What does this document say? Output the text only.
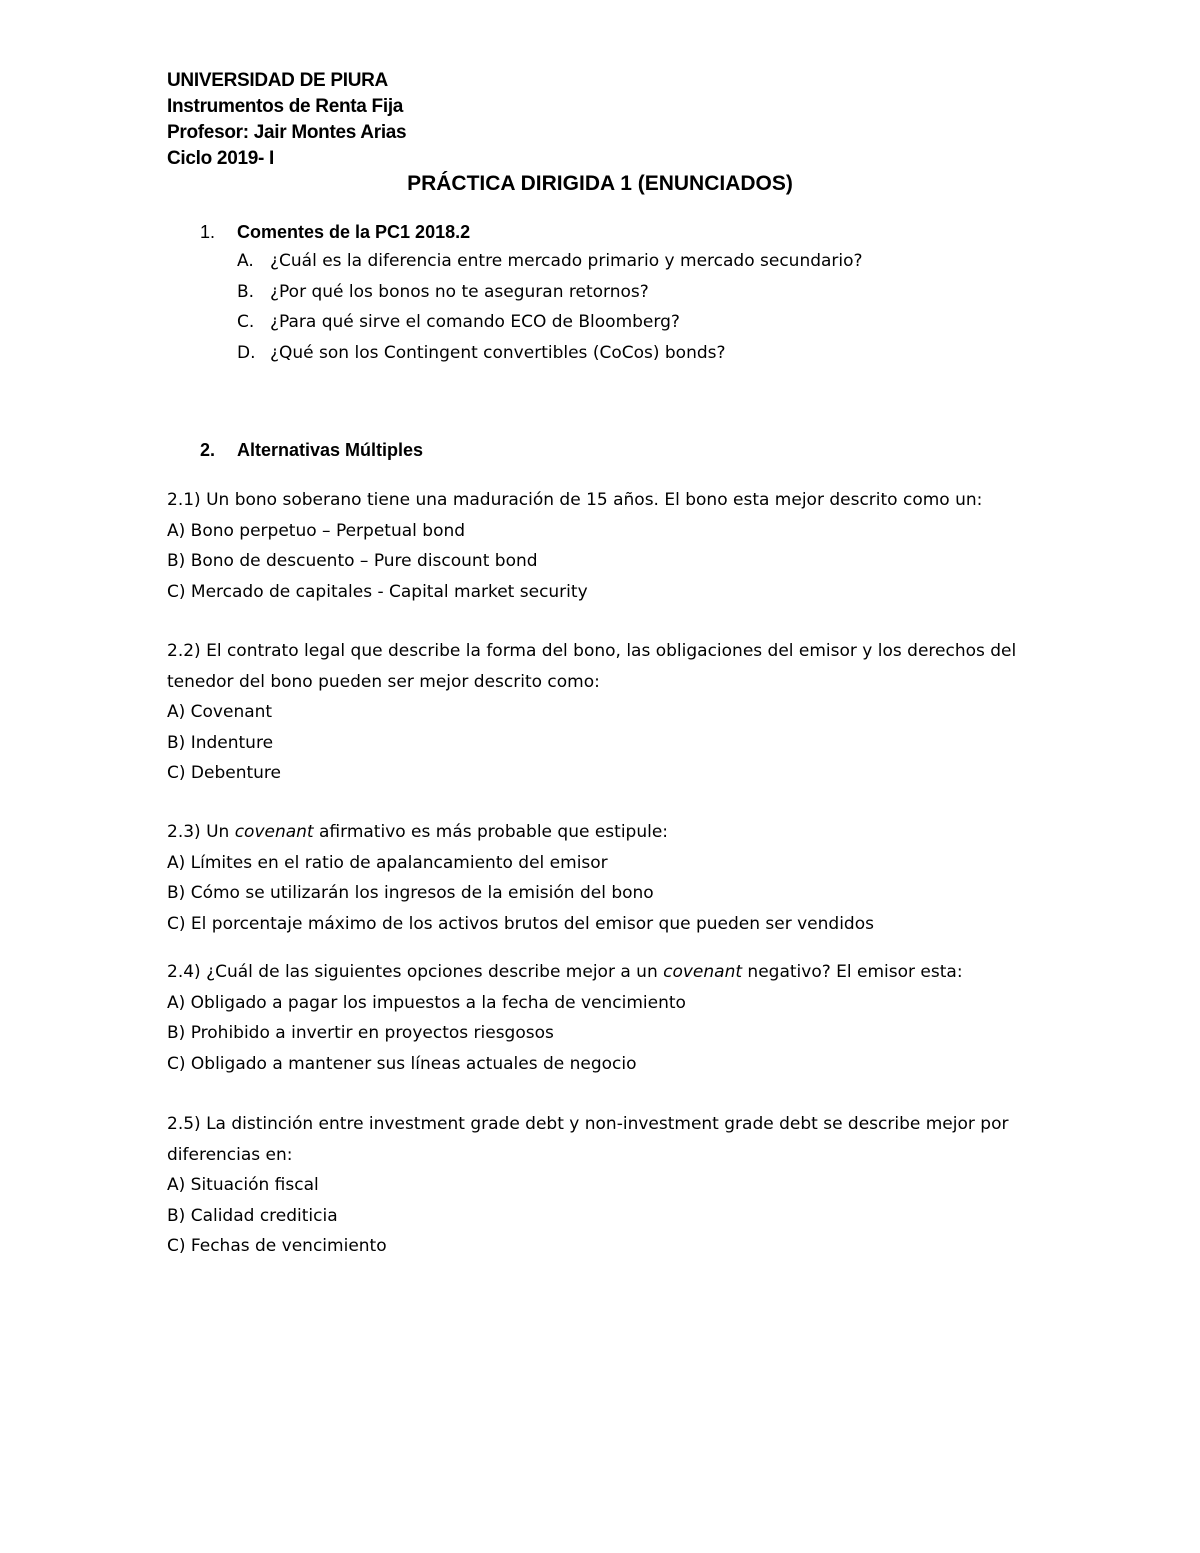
UNIVERSIDAD DE PIURA
Instrumentos de Renta Fija
Profesor: Jair Montes Arias
Ciclo 2019- I
PRÁCTICA DIRIGIDA 1 (ENUNCIADOS)
1. Comentes de la PC1 2018.2
A. ¿Cuál es la diferencia entre mercado primario y mercado secundario?
B. ¿Por qué los bonos no te aseguran retornos?
C. ¿Para qué sirve el comando ECO de Bloomberg?
D. ¿Qué son los Contingent convertibles (CoCos) bonds?
2. Alternativas Múltiples

2.1) Un bono soberano tiene una maduración de 15 años. El bono esta mejor descrito como un:

A) Bono perpetuo – Perpetual bond

B) Bono de descuento – Pure discount bond

C) Mercado de capitales - Capital market security

2.2) El contrato legal que describe la forma del bono, las obligaciones del emisor y los derechos del tenedor del bono pueden ser mejor descrito como:

A) Covenant

B) Indenture

C) Debenture

2.3) Un covenant afirmativo es más probable que estipule:

A) Límites en el ratio de apalancamiento del emisor

B) Cómo se utilizarán los ingresos de la emisión del bono

C) El porcentaje máximo de los activos brutos del emisor que pueden ser vendidos

2.4) ¿Cuál de las siguientes opciones describe mejor a un covenant negativo? El emisor esta:

A) Obligado a pagar los impuestos a la fecha de vencimiento

B) Prohibido a invertir en proyectos riesgosos

C) Obligado a mantener sus líneas actuales de negocio

2.5) La distinción entre investment grade debt y non-investment grade debt se describe mejor por diferencias en:

A) Situación fiscal

B) Calidad crediticia

C) Fechas de vencimiento
